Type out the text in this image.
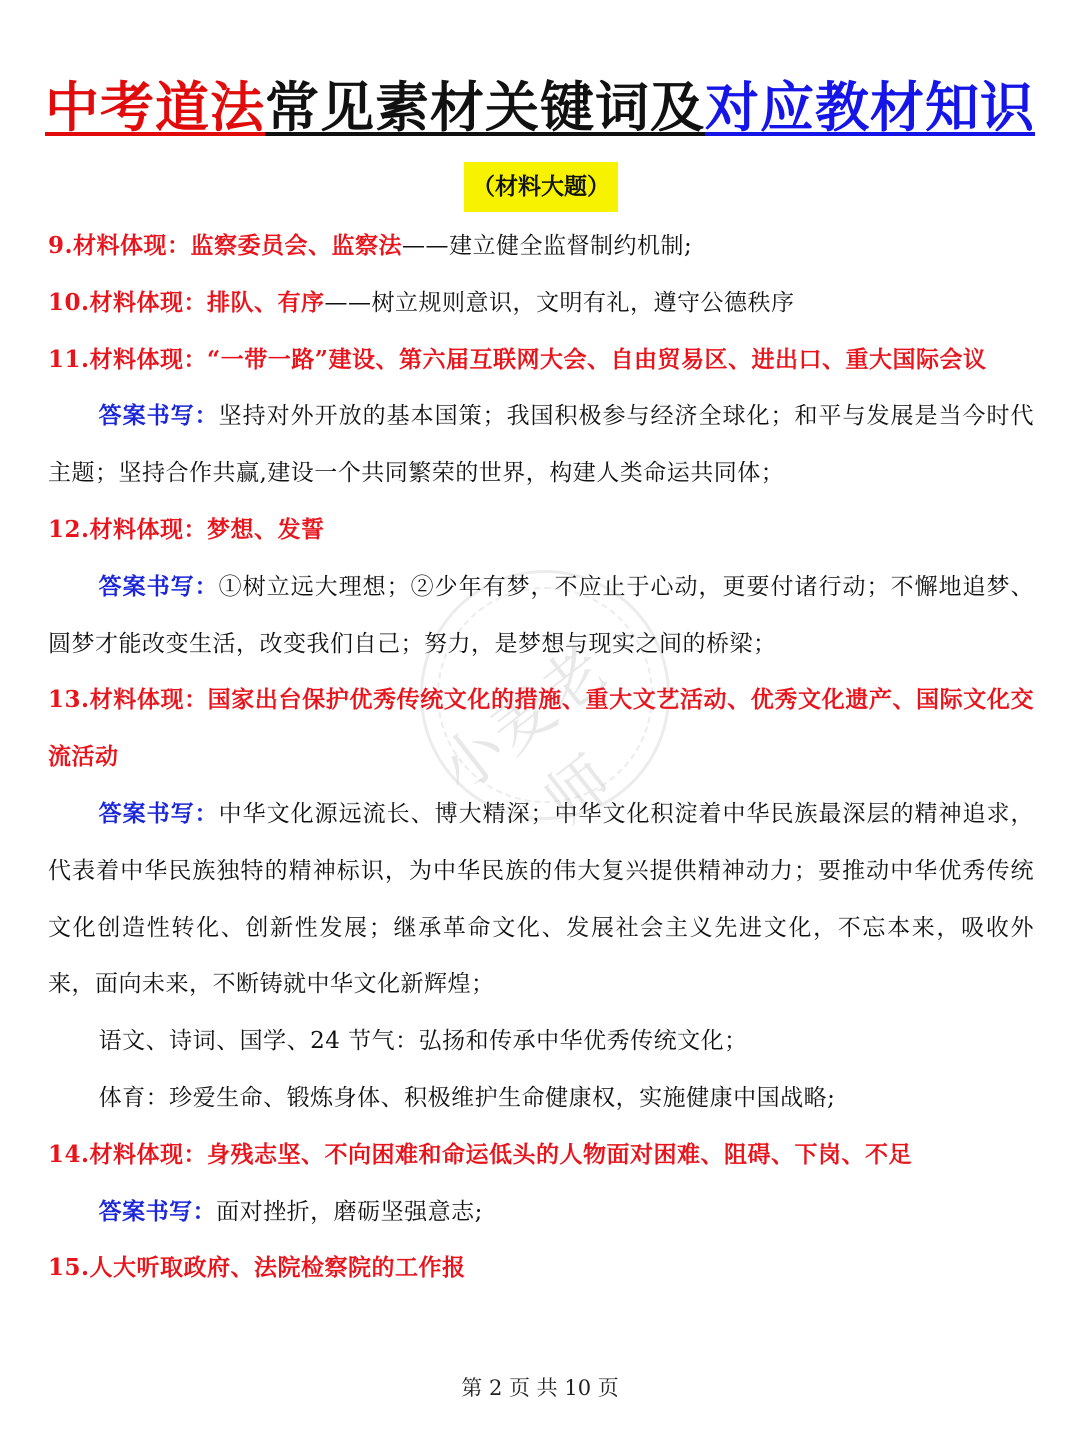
中考道法常见素材关键词及对应教材知识
（材料大题）
小麦老师

9.材料体现：监察委员会、监察法——建立健全监督制约机制;

10.材料体现：排队、有序——树立规则意识，文明有礼，遵守公德秩序

11.材料体现：“一带一路”建设、第六届互联网大会、自由贸易区、进出口、重大国际会议

答案书写：坚持对外开放的基本国策；我国积极参与经济全球化；和平与发展是当今时代主题；坚持合作共赢,建设一个共同繁荣的世界，构建人类命运共同体；

12.材料体现：梦想、发誓

答案书写：①树立远大理想；②少年有梦，不应止于心动，更要付诸行动；不懈地追梦、圆梦才能改变生活，改变我们自己；努力，是梦想与现实之间的桥梁；

13.材料体现：国家出台保护优秀传统文化的措施、重大文艺活动、优秀文化遗产、国际文化交流活动

答案书写：中华文化源远流长、博大精深；中华文化积淀着中华民族最深层的精神追求，代表着中华民族独特的精神标识，为中华民族的伟大复兴提供精神动力；要推动中华优秀传统文化创造性转化、创新性发展；继承革命文化、发展社会主义先进文化，不忘本来，吸收外来，面向未来，不断铸就中华文化新辉煌；

语文、诗词、国学、24 节气：弘扬和传承中华优秀传统文化；

体育：珍爱生命、锻炼身体、积极维护生命健康权，实施健康中国战略;

14.材料体现：身残志坚、不向困难和命运低头的人物面对困难、阻碍、下岗、不足

答案书写：面对挫折，磨砺坚强意志;

15.人大听取政府、法院检察院的工作报

第 2 页 共 10 页
